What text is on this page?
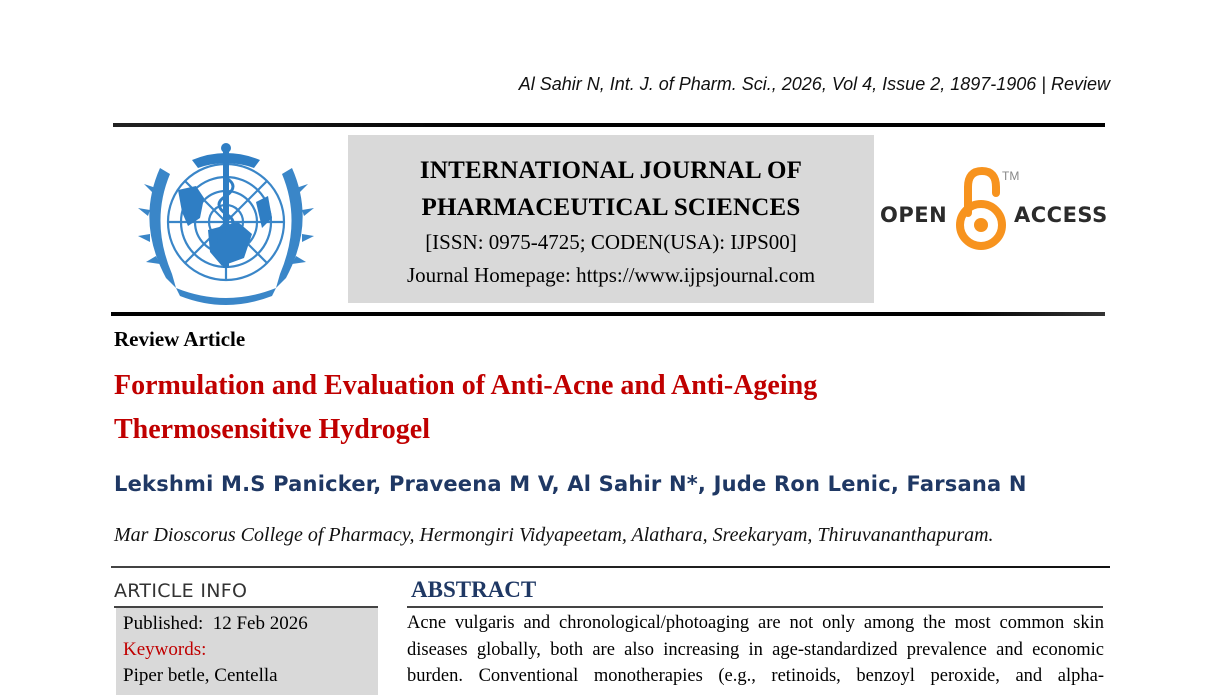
Al Sahir N, Int. J. of Pharm. Sci., 2026, Vol 4, Issue 2, 1897-1906 | Review
INTERNATIONAL JOURNAL OF
PHARMACEUTICAL SCIENCES
[ISSN: 0975-4725; CODEN(USA): IJPS00]
Journal Homepage: https://www.ijpsjournal.com
OPEN
TM
ACCESS
Review Article
Formulation and Evaluation of Anti-Acne and Anti-Ageing
Thermosensitive Hydrogel
Lekshmi M.S Panicker, Praveena M V, Al Sahir N*, Jude Ron Lenic, Farsana N
Mar Dioscorus College of Pharmacy, Hermongiri Vidyapeetam, Alathara, Sreekaryam, Thiruvananthapuram.
ARTICLE INFO
Published: 12 Feb 2026
Keywords:
Piper betle, Centella
ABSTRACT
Acne vulgaris and chronological/photoaging are not only among the most common skin
diseases globally, both are also increasing in age-standardized prevalence and economic
burden. Conventional monotherapies (e.g., retinoids, benzoyl peroxide, and alpha-
